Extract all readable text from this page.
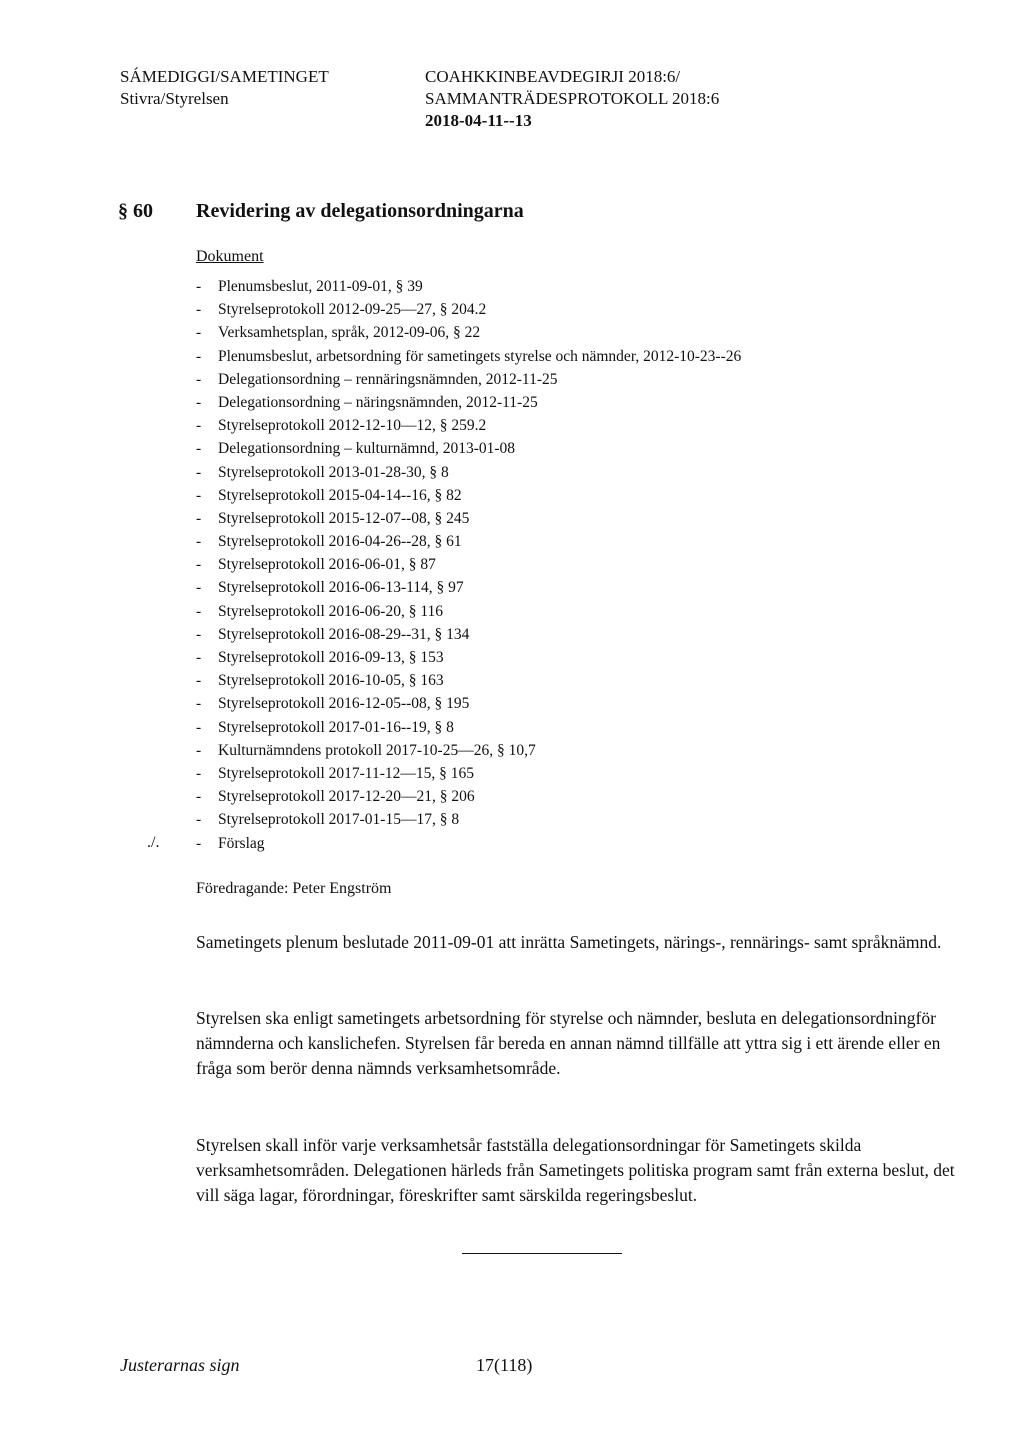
SÁMEDIGGI/SAMETINGET
Stivra/Styrelsen
COAHKKINBEAVDEGIRJI 2018:6/
SAMMANTRÄDESPROTOKOLL 2018:6
2018-04-11--13
§ 60 Revidering av delegationsordningarna
Dokument
- Plenumsbeslut, 2011-09-01, § 39
- Styrelseprotokoll 2012-09-25—27, § 204.2
- Verksamhetsplan, språk, 2012-09-06, § 22
- Plenumsbeslut, arbetsordning för sametingets styrelse och nämnder, 2012-10-23--26
- Delegationsordning – rennäringsnämnden, 2012-11-25
- Delegationsordning – näringsnämnden, 2012-11-25
- Styrelseprotokoll 2012-12-10—12, § 259.2
- Delegationsordning – kulturnämnd, 2013-01-08
- Styrelseprotokoll 2013-01-28-30, § 8
- Styrelseprotokoll 2015-04-14--16, § 82
- Styrelseprotokoll 2015-12-07--08, § 245
- Styrelseprotokoll 2016-04-26--28, § 61
- Styrelseprotokoll 2016-06-01, § 87
- Styrelseprotokoll 2016-06-13-114, § 97
- Styrelseprotokoll 2016-06-20, § 116
- Styrelseprotokoll 2016-08-29--31, § 134
- Styrelseprotokoll 2016-09-13, § 153
- Styrelseprotokoll 2016-10-05, § 163
- Styrelseprotokoll 2016-12-05--08, § 195
- Styrelseprotokoll 2017-01-16--19, § 8
- Kulturnämndens protokoll 2017-10-25—26, § 10,7
- Styrelseprotokoll 2017-11-12—15, § 165
- Styrelseprotokoll 2017-12-20—21, § 206
- Styrelseprotokoll 2017-01-15—17, § 8
- Förslag
./.
Föredragande: Peter Engström

Sametingets plenum beslutade 2011-09-01 att inrätta Sametingets, närings-, rennärings- samt språknämnd.

Styrelsen ska enligt sametingets arbetsordning för styrelse och nämnder, besluta en delegationsordningför nämnderna och kanslichefen. Styrelsen får bereda en annan nämnd tillfälle att yttra sig i ett ärende eller en fråga som berör denna nämnds verksamhetsområde.

Styrelsen skall inför varje verksamhetsår fastställa delegationsordningar för Sametingets skilda verksamhetsområden. Delegationen härleds från Sametingets politiska program samt från externa beslut, det vill säga lagar, förordningar, föreskrifter samt särskilda regeringsbeslut.

Justerarnas sign	17(118)
